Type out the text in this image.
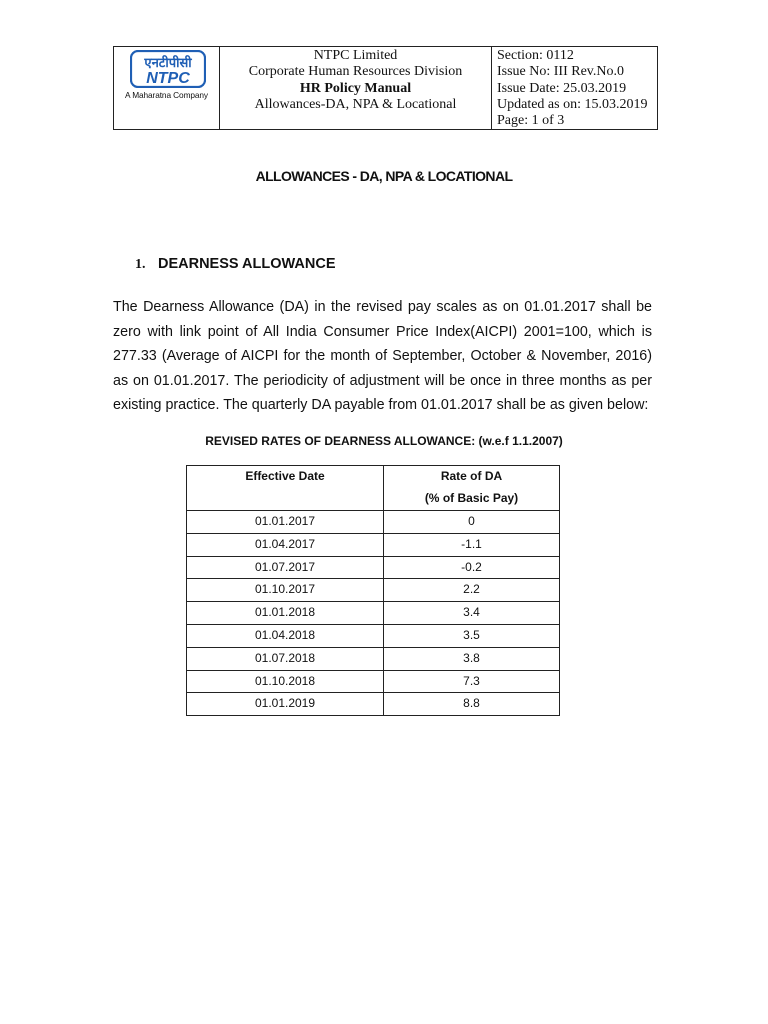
एनटीपीसी
NTPC
A Maharatna Company

NTPC Limited
Corporate Human Resources Division
HR Policy Manual
Allowances-DA, NPA & Locational

Section: 0112
Issue No: III Rev.No.0
Issue Date: 25.03.2019
Updated as on: 15.03.2019
Page: 1 of 3
ALLOWANCES - DA, NPA & LOCATIONAL
1. DEARNESS ALLOWANCE
The Dearness Allowance (DA) in the revised pay scales as on 01.01.2017 shall be zero with link point of All India Consumer Price Index(AICPI) 2001=100, which is 277.33 (Average of AICPI for the month of September, October & November, 2016) as on 01.01.2017. The periodicity of adjustment will be once in three months as per existing practice. The quarterly DA payable from 01.01.2017 shall be as given below:
REVISED RATES OF DEARNESS ALLOWANCE: (w.e.f 1.1.2007)
Effective Date	Rate of DA
(% of Basic Pay)

01.01.2017	0
01.04.2017	-1.1
01.07.2017	-0.2
01.10.2017	2.2
01.01.2018	3.4
01.04.2018	3.5
01.07.2018	3.8
01.10.2018	7.3
01.01.2019	8.8
